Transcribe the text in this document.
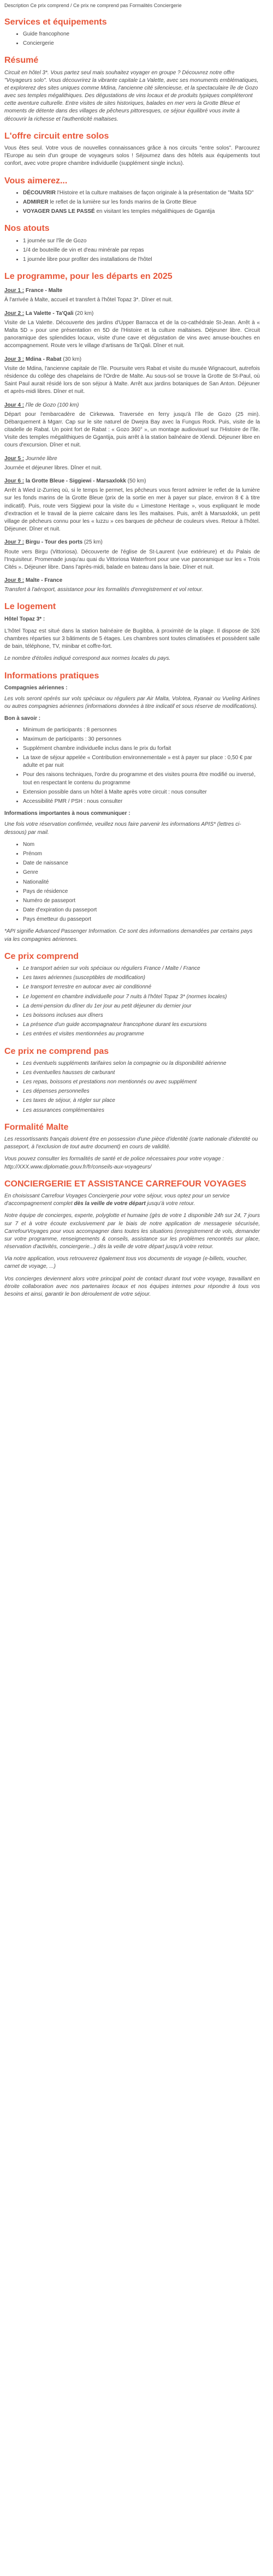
Description Ce prix comprend / Ce prix ne comprend pas Formalités Conciergerie

Services et équipements
• Guide francophone
• Conciergerie
Résumé

Circuit en hôtel 3*. Vous partez seul mais souhaitez voyager en groupe ? Découvrez notre offre "Voyageurs solo". Vous découvrirez la vibrante capitale La Valette, avec ses monuments emblématiques, et explorerez des sites uniques comme Mdina, l'ancienne cité silencieuse, et la spectaculaire île de Gozo avec ses temples mégalithiques. Des dégustations de vins locaux et de produits typiques compléteront cette aventure culturelle. Entre visites de sites historiques, balades en mer vers la Grotte Bleue et moments de détente dans des villages de pêcheurs pittoresques, ce séjour équilibré vous invite à découvrir la richesse et l'authenticité maltaises.

L'offre circuit entre solos

Vous êtes seul. Votre vous de nouvelles connaissances grâce à nos circuits "entre solos". Parcourez l'Europe au sein d'un groupe de voyageurs solos ! Séjournez dans des hôtels aux équipements tout confort, avec votre propre chambre individuelle (supplément single inclus).

Vous aimerez...
• DÉCOUVRIR l'Histoire et la culture maltaises de façon originale à la présentation de "Malta 5D"
• ADMIRER le reflet de la lumière sur les fonds marins de la Grotte Bleue
• VOYAGER DANS LE PASSÉ en visitant les temples mégalithiques de Ggantija
Nos atouts
• 1 journée sur l'île de Gozo
• 1/4 de bouteille de vin et d'eau minérale par repas
• 1 journée libre pour profiter des installations de l'hôtel
Le programme, pour les départs en 2025
Jour 1 : France - Malte

À l'arrivée à Malte, accueil et transfert à l'hôtel Topaz 3*. Dîner et nuit.

Jour 2 : La Valette - Ta'Qali (20 km)

Visite de La Valette. Découverte des jardins d'Upper Barracca et de la co-cathédrale St-Jean. Arrêt à « Malta 5D » pour une présentation en 5D de l'Histoire et la culture maltaises. Déjeuner libre. Circuit panoramique des splendides locaux, visite d'une cave et dégustation de vins avec amuse-bouches en accompagnement. Route vers le village d'artisans de Ta'Qali. Dîner et nuit.

Jour 3 : Mdina - Rabat (30 km)

Visite de Mdina, l'ancienne capitale de l'île. Poursuite vers Rabat et visite du musée Wignacourt, autrefois résidence du collège des chapelains de l'Ordre de Malte. Au sous-sol se trouve la Grotte de St-Paul, où Saint Paul aurait résidé lors de son séjour à Malte. Arrêt aux jardins botaniques de San Anton. Déjeuner et après-midi libres. Dîner et nuit.

Jour 4 : l'île de Gozo (100 km)

Départ pour l'embarcadère de Cirkewwa. Traversée en ferry jusqu'à l'île de Gozo (25 min). Débarquement à Mgarr. Cap sur le site naturel de Dwejra Bay avec la Fungus Rock. Puis, visite de la citadelle de Rabat. Un point fort de Rabat : « Gozo 360° », un montage audiovisuel sur l'Histoire de l'île. Visite des temples mégalithiques de Ggantija, puis arrêt à la station balnéaire de Xlendi. Déjeuner libre en cours d'excursion. Dîner et nuit.

Jour 5 : Journée libre

Journée et déjeuner libres. Dîner et nuit.

Jour 6 : la Grotte Bleue - Siggiewi - Marsaxlokk (50 km)

Arrêt à Wied iz-Zurrieq où, si le temps le permet, les pêcheurs vous feront admirer le reflet de la lumière sur les fonds marins de la Grotte Bleue (prix de la sortie en mer à payer sur place, environ 8 € à titre indicatif). Puis, route vers Siggiewi pour la visite du « Limestone Heritage », vous expliquant le mode d'extraction et le travail de la pierre calcaire dans les îles maltaises. Puis, arrêt à Marsaxlokk, un petit village de pêcheurs connu pour les « luzzu » ces barques de pêcheur de couleurs vives. Retour à l'hôtel. Déjeuner. Dîner et nuit.

Jour 7 : Birgu - Tour des ports (25 km)

Route vers Birgu (Vittoriosa). Découverte de l'église de St-Laurent (vue extérieure) et du Palais de l'Inquisiteur. Promenade jusqu'au quai du Vittoriosa Waterfront pour une vue panoramique sur les « Trois Cités ». Déjeuner libre. Dans l'après-midi, balade en bateau dans la baie. Dîner et nuit.

Jour 8 : Malte - France

Transfert à l'aéroport, assistance pour les formalités d'enregistrement et vol retour.

Le logement

Hôtel Topaz 3* :

L'hôtel Topaz est situé dans la station balnéaire de Bugibba, à proximité de la plage. Il dispose de 326 chambres réparties sur 3 bâtiments de 5 étages. Les chambres sont toutes climatisées et possèdent salle de bain, téléphone, TV, minibar et coffre-fort.

Le nombre d'étoiles indiqué correspond aux normes locales du pays.

Informations pratiques

Compagnies aériennes :

Les vols seront opérés sur vols spéciaux ou réguliers par Air Malta, Volotea, Ryanair ou Vueling Airlines ou autres compagnies aériennes (informations données à titre indicatif et sous réserve de modifications).

Bon à savoir :

• Minimum de participants : 8 personnes
• Maximum de participants : 30 personnes
• Supplément chambre individuelle inclus dans le prix du forfait
• La taxe de séjour appelée « Contribution environnementale » est à payer sur place : 0,50 € par adulte et par nuit
• Pour des raisons techniques, l'ordre du programme et des visites pourra être modifié ou inversé, tout en respectant le contenu du programme
• Extension possible dans un hôtel à Malte après votre circuit : nous consulter
• Accessibilité PMR / PSH : nous consulter

Informations importantes à nous communiquer :

Une fois votre réservation confirmée, veuillez nous faire parvenir les informations APIS* (lettres ci-dessous) par mail.

• Nom
• Prénom
• Date de naissance
• Genre
• Nationalité
• Pays de résidence
• Numéro de passeport
• Date d'expiration du passeport
• Pays émetteur du passeport

*API signifie Advanced Passenger Information. Ce sont des informations demandées par certains pays via les compagnies aériennes.

Ce prix comprend
• Le transport aérien sur vols spéciaux ou réguliers France / Malte / France
• Les taxes aériennes (susceptibles de modification)
• Le transport terrestre en autocar avec air conditionné
• Le logement en chambre individuelle pour 7 nuits à l'hôtel Topaz 3* (normes locales)
• La demi-pension du dîner du 1er jour au petit déjeuner du dernier jour
• Les boissons incluses aux dîners
• La présence d'un guide accompagnateur francophone durant les excursions
• Les entrées et visites mentionnées au programme
Ce prix ne comprend pas
• Les éventuels suppléments tarifaires selon la compagnie ou la disponibilité aérienne
• Les éventuelles hausses de carburant
• Les repas, boissons et prestations non mentionnés ou avec supplément
• Les dépenses personnelles
• Les taxes de séjour, à régler sur place
• Les assurances complémentaires
Formalité Malte

Les ressortissants français doivent être en possession d'une pièce d'identité (carte nationale d'identité ou passeport, à l'exclusion de tout autre document) en cours de validité.

Vous pouvez consulter les formalités de santé et de police nécessaires pour votre voyage : http://XXX.www.diplomatie.gouv.fr/fr/conseils-aux-voyageurs/

CONCIERGERIE ET ASSISTANCE CARREFOUR VOYAGES

En choisissant Carrefour Voyages Conciergerie pour votre séjour, vous optez pour un service d'accompagnement complet dès la veille de votre départ jusqu'à votre retour.

Notre équipe de concierges, experte, polyglotte et humaine (gès de votre 1 disponible 24h sur 24, 7 jours sur 7 et à votre écoute exclusivement par le biais de notre application de messagerie sécurisée, CarrefourVoyages pour vous accompagner dans toutes les situations (enregistrement de vols, demander sur votre programme, renseignements & conseils, assistance sur les problèmes rencontrés sur place, réservation d'activités, conciergerie...) dès la veille de votre départ jusqu'à votre retour.

Via notre application, vous retrouverez également tous vos documents de voyage (e-billets, voucher, carnet de voyage, ...)

Vos concierges deviennent alors votre principal point de contact durant tout votre voyage, travaillant en étroite collaboration avec nos partenaires locaux et nos équipes internes pour répondre à tous vos besoins et ainsi, garantir le bon déroulement de votre séjour.
